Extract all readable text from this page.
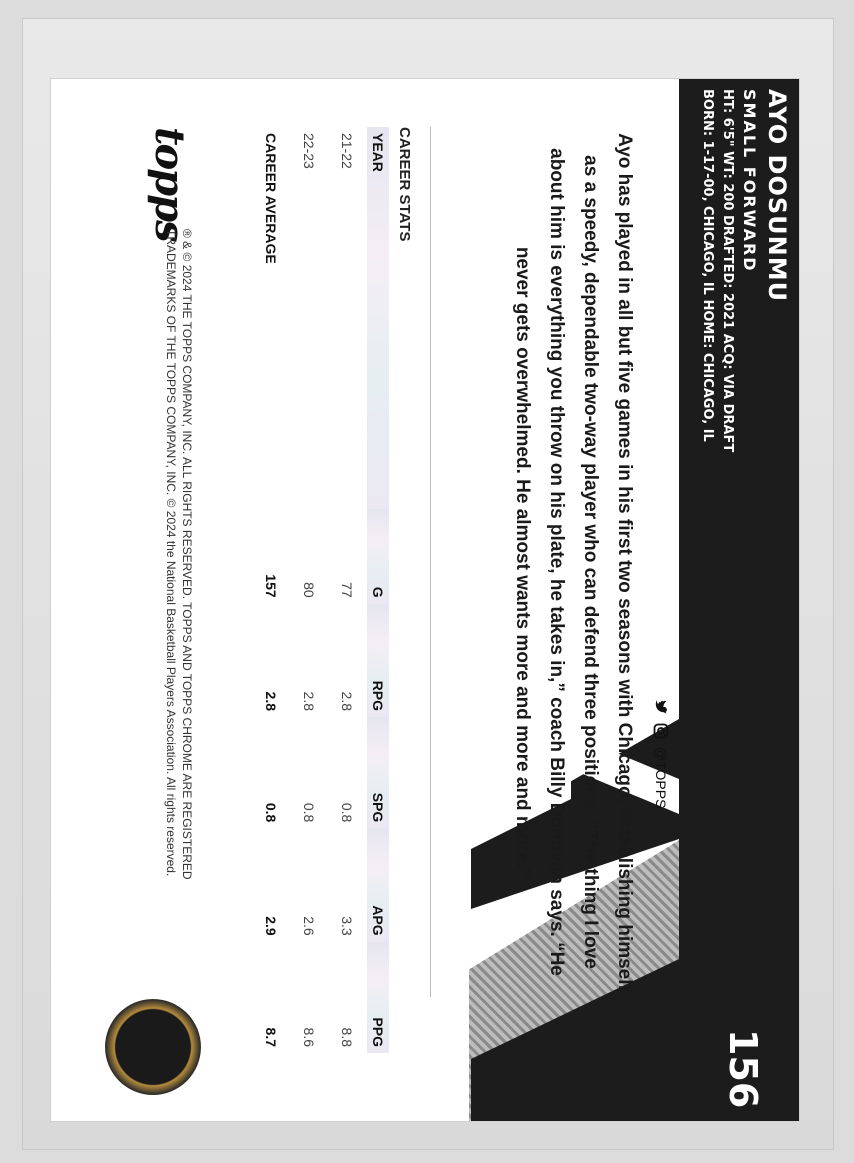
AYO DOSUNMU
SMALL FORWARD
HT: 6'5" WT: 200 DRAFTED: 2021 ACQ: VIA DRAFT
BORN: 1-17-00, CHICAGO, IL HOME: CHICAGO, IL
156
@TOPPS
Ayo has played in all but five games in his first two seasons with Chicago, establishing himself as a speedy, dependable two-way player who can defend three positions. “The thing I love about him is everything you throw on his plate, he takes in,” coach Billy Donovan says. “He never gets overwhelmed. He almost wants more and more and more.”
CAREER STATS
YEAR	G	RPG	SPG	APG	PPG
21-22	77	2.8	0.8	3.3	8.8
22-23	80	2.8	0.8	2.6	8.6
CAREER AVERAGE	157	2.8	0.8	2.9	8.7
topps
® & © 2024 THE TOPPS COMPANY, INC. ALL RIGHTS RESERVED. TOPPS AND TOPPS CHROME ARE REGISTERED
TRADEMARKS OF THE TOPPS COMPANY, INC. © 2024 the National Basketball Players Association. All rights reserved.
